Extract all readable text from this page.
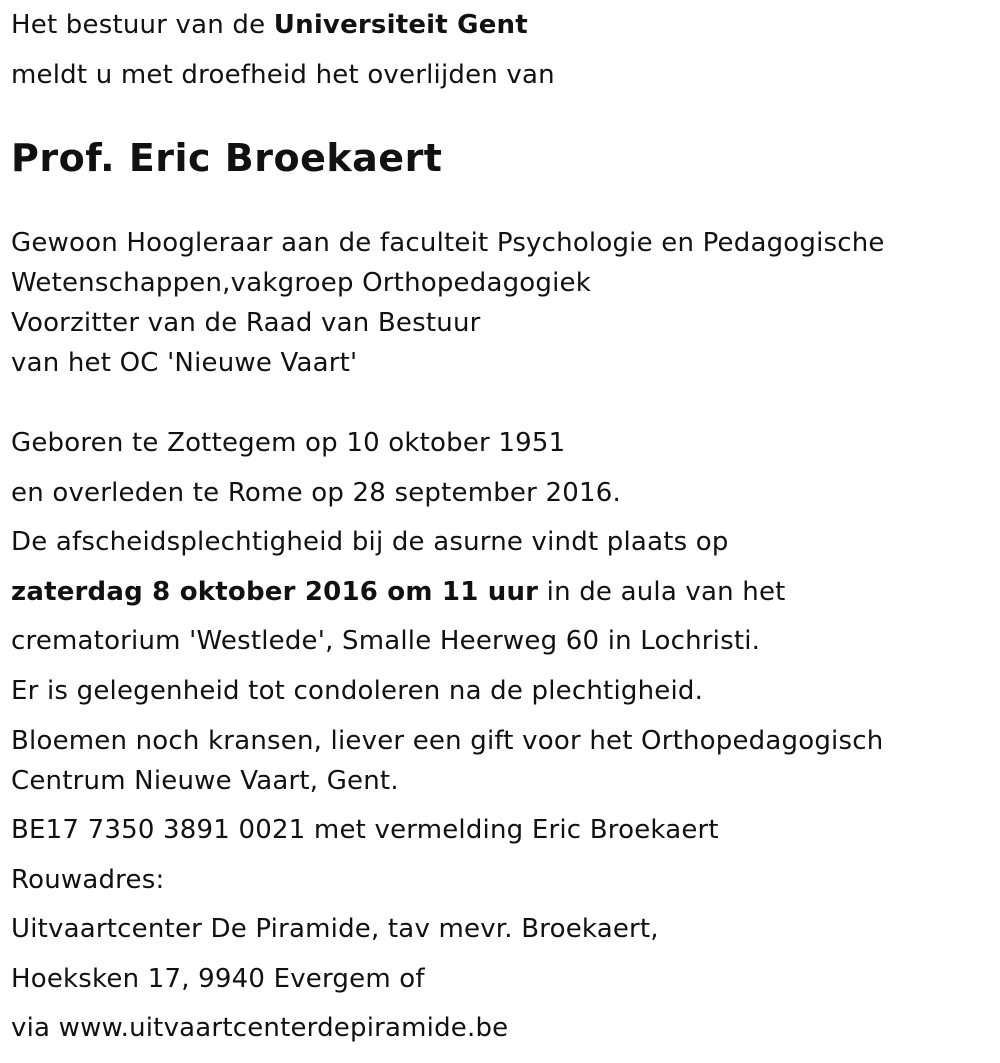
Het bestuur van de Universiteit Gent
meldt u met droefheid het overlijden van
Prof. Eric Broekaert
Gewoon Hoogleraar aan de faculteit Psychologie en Pedagogische
Wetenschappen,vakgroep Orthopedagogiek
Voorzitter van de Raad van Bestuur
van het OC 'Nieuwe Vaart'
Geboren te Zottegem op 10 oktober 1951
en overleden te Rome op 28 september 2016.
De afscheidsplechtigheid bij de asurne vindt plaats op
zaterdag 8 oktober 2016 om 11 uur in de aula van het
crematorium 'Westlede', Smalle Heerweg 60 in Lochristi.
Er is gelegenheid tot condoleren na de plechtigheid.
Bloemen noch kransen, liever een gift voor het Orthopedagogisch
Centrum Nieuwe Vaart, Gent.
BE17 7350 3891 0021 met vermelding Eric Broekaert
Rouwadres:
Uitvaartcenter De Piramide, tav mevr. Broekaert,
Hoeksken 17, 9940 Evergem of
via www.uitvaartcenterdepiramide.be
